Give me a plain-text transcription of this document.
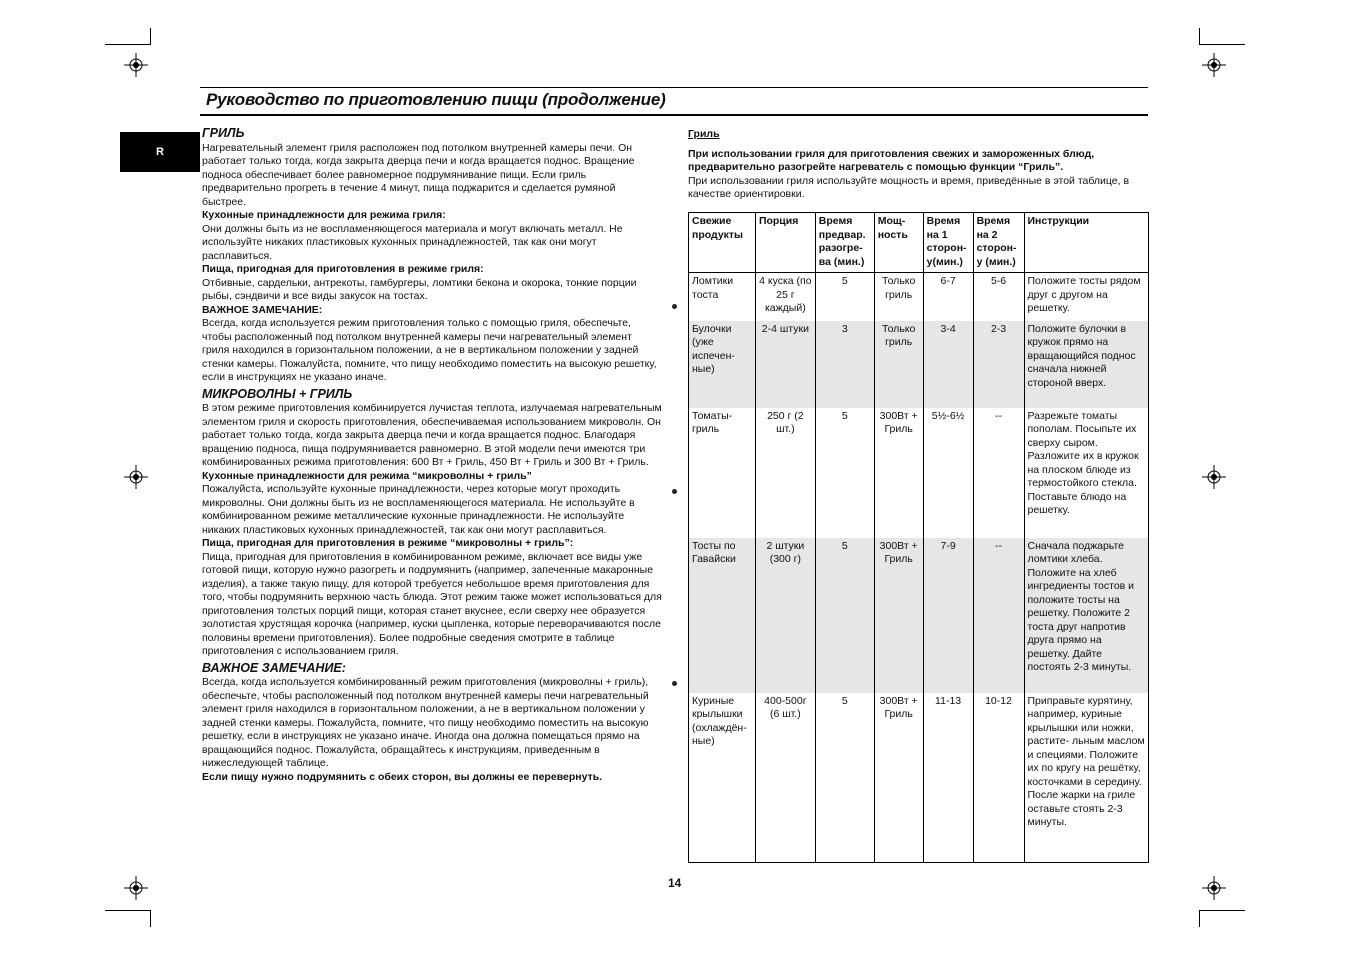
Руководство по приготовлению пищи (продолжение)
R

ГРИЛЬ

Нагревательный элемент гриля расположен под потолком внутренней камеры печи. Он работает только тогда, когда закрыта дверца печи и когда вращается поднос. Вращение подноса обеспечивает более равномерное подрумянивание пищи. Если гриль предварительно прогреть в течение 4 минут, пища поджарится и сделается румяной быстрее.

Кухонные принадлежности для режима гриля:

Они должны быть из не воспламеняющегося материала и могут включать металл. Не используйте никаких пластиковых кухонных принадлежностей, так как они могут расплавиться.

Пища, пригодная для приготовления в режиме гриля:

Отбивные, сардельки, антрекоты, гамбургеры, ломтики бекона и окорока, тонкие порции рыбы, сэндвичи и все виды закусок на тостах.

ВАЖНОЕ ЗАМЕЧАНИЕ:

Всегда, когда используется режим приготовления только с помощью гриля, обеспечьте, чтобы расположенный под потолком внутренней камеры печи нагревательный элемент гриля находился в горизонтальном положении, а не в вертикальном положении у задней стенки камеры. Пожалуйста, помните, что пищу необходимо поместить на высокую решетку, если в инструкциях не указано иначе.

МИКРОВОЛНЫ + ГРИЛЬ

В этом режиме приготовления комбинируется лучистая теплота, излучаемая нагревательным элементом гриля и скорость приготовления, обеспечиваемая использованием микроволн. Он работает только тогда, когда закрыта дверца печи и когда вращается поднос. Благодаря вращению подноса, пища подрумянивается равномерно. В этой модели печи имеются три комбинированных режима приготовления: 600 Вт + Гриль, 450 Вт + Гриль и 300 Вт + Гриль.

Кухонные принадлежности для режима “микроволны + гриль”

Пожалуйста, используйте кухонные принадлежности, через которые могут проходить микроволны. Они должны быть из не воспламеняющегося материала. Не используйте в комбинированном режиме металлические кухонные принадлежности. Не используйте никаких пластиковых кухонных принадлежностей, так как они могут расплавиться.

Пища, пригодная для приготовления в режиме “микроволны + гриль”:

Пища, пригодная для приготовления в комбинированном режиме, включает все виды уже готовой пищи, которую нужно разогреть и подрумянить (например, запеченные макаронные изделия), а также такую пищу, для которой требуется небольшое время приготовления для того, чтобы подрумянить верхнюю часть блюда. Этот режим также может использоваться для приготовления толстых порций пищи, которая станет вкуснее, если сверху нее образуется золотистая хрустящая корочка (например, куски цыпленка, которые переворачиваются после половины времени приготовления). Более подробные сведения смотрите в таблице приготовления с использованием гриля.

ВАЖНОЕ ЗАМЕЧАНИЕ:

Всегда, когда используется комбинированный режим приготовления (микроволны + гриль), обеспечьте, чтобы расположенный под потолком внутренней камеры печи нагревательный элемент гриля находился в горизонтальном положении, а не в вертикальном положении у задней стенки камеры. Пожалуйста, помните, что пищу необходимо поместить на высокую решетку, если в инструкциях не указано иначе. Иногда она должна помещаться прямо на вращающийся поднос. Пожалуйста, обращайтесь к инструкциям, приведенным в нижеследующей таблице.

Если пищу нужно подрумянить с обеих сторон, вы должны ее перевернуть.

Гриль

При использовании гриля для приготовления свежих и замороженных блюд, предварительно разогрейте нагреватель с помощью функции “Гриль”.

При использовании гриля используйте мощность и время, приведённые в этой таблице, в качестве ориентировки.

Свежие продукты	Порция	Время предвар. разогре- ва (мин.)	Мощ- ность	Время на 1 сторон- у(мин.)	Время на 2 сторон- у (мин.)	Инструкции
Ломтики тоста	4 куска (по 25 г каждый)	5	Только гриль	6-7	5-6	Положите тосты рядом друг с другом на решетку.
Булочки (уже испечен- ные)	2-4 штуки	3	Только гриль	3-4	2-3	Положите булочки в кружок прямо на вращающийся поднос сначала нижней стороной вверх.
Томаты- гриль	250 г (2 шт.)	5	300Вт + Гриль	5½-6½	--	Разрежьте томаты пополам. Посыпьте их сверху сыром. Разложите их в кружок на плоском блюде из термостойкого стекла. Поставьте блюдо на решетку.
Тосты по Гавайски	2 штуки (300 г)	5	300Вт + Гриль	7-9	--	Сначала поджарьте ломтики хлеба. Положите на хлеб ингредиенты тостов и положите тосты на решетку. Положите 2 тоста друг напротив друга прямо на решетку. Дайте постоять 2-3 минуты.
Куриные крылышки (охлаждён- ные)	400-500г (6 шт.)	5	300Вт + Гриль	11-13	10-12	Приправьте курятину, например, куриные крылышки или ножки, растите- льным маслом и специями. Положите их по кругу на решётку, косточками в середину. После жарки на гриле оставьте стоять 2-3 минуты.
14
